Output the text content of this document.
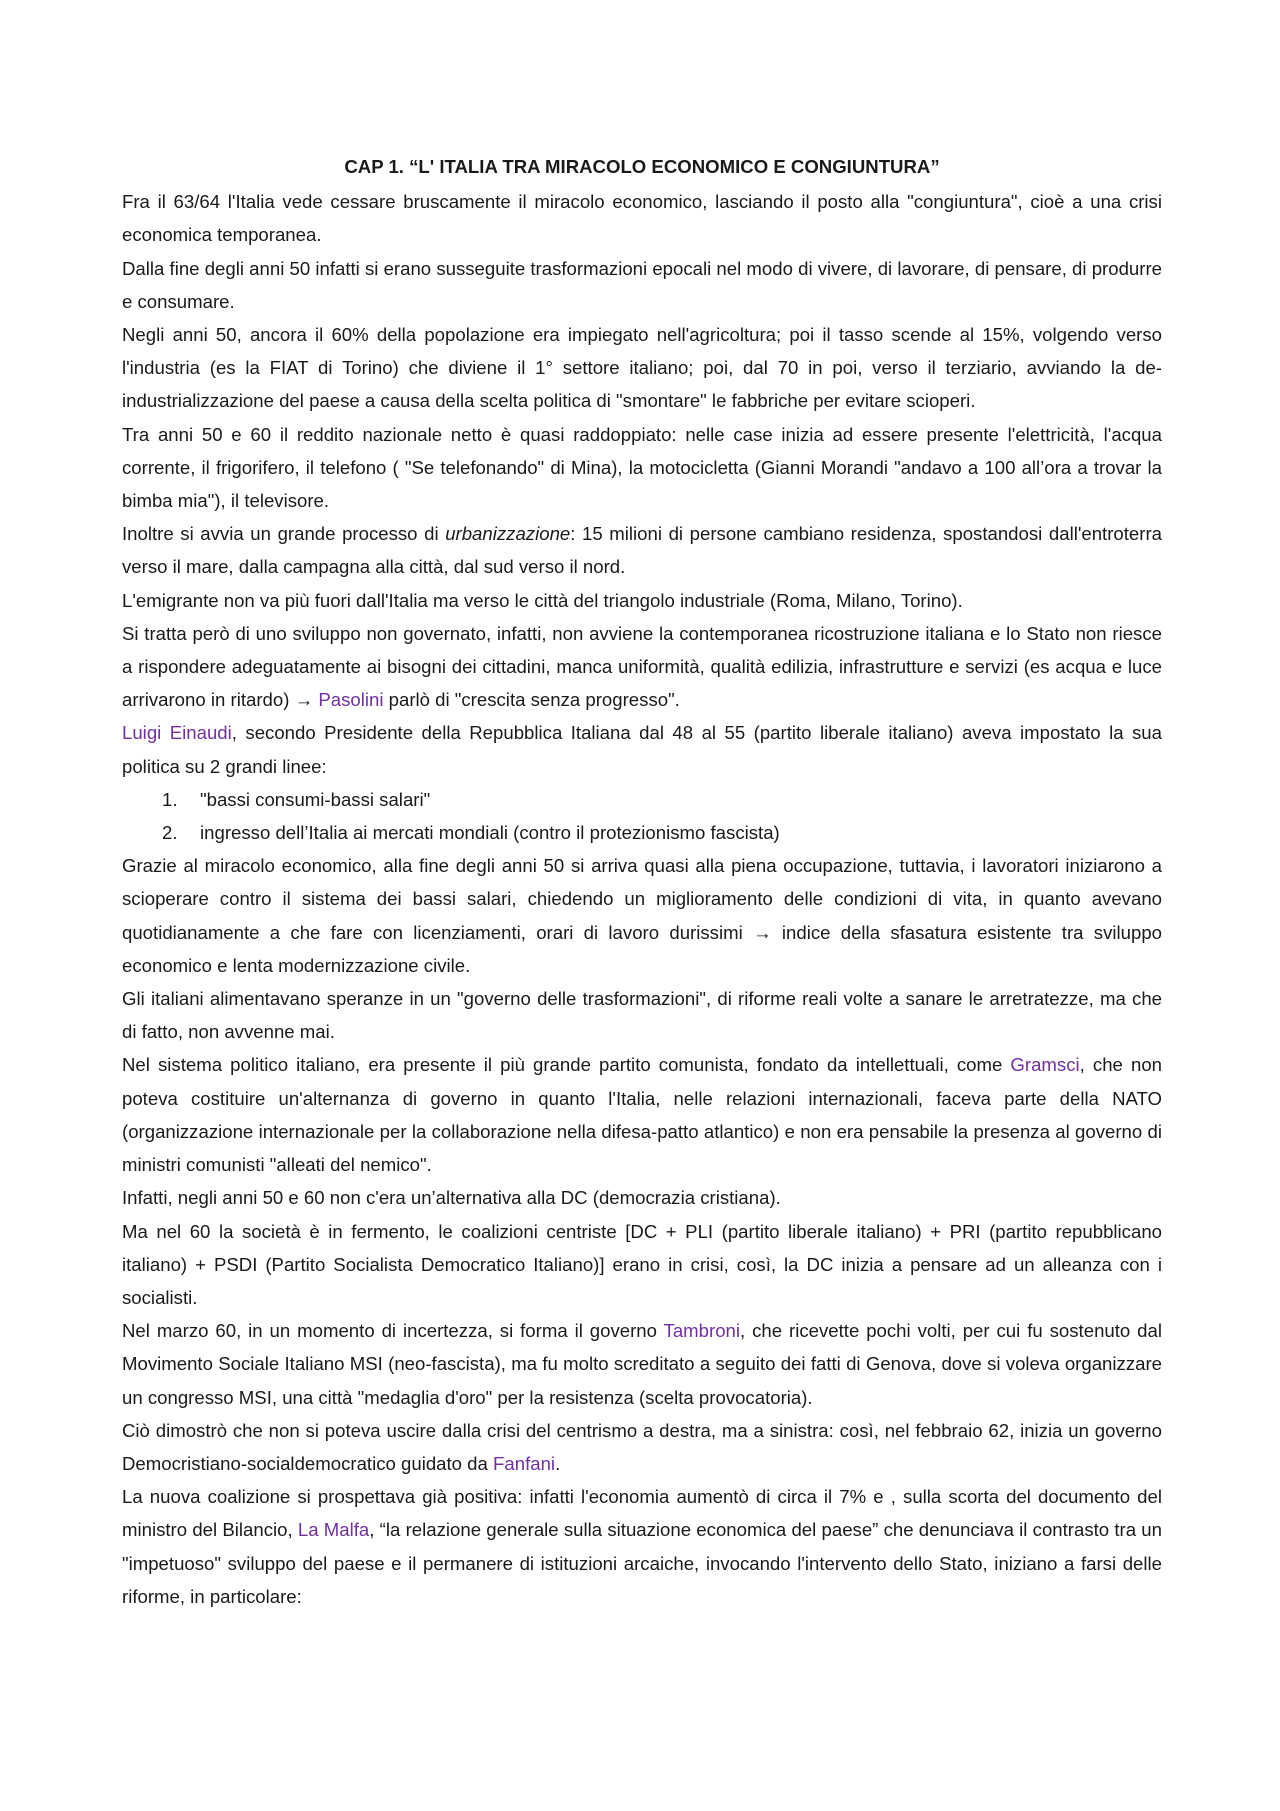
CAP 1. “L' ITALIA TRA MIRACOLO ECONOMICO E CONGIUNTURA”

Fra il 63/64 l'Italia vede cessare bruscamente il miracolo economico, lasciando il posto alla "congiuntura", cioè a una crisi economica temporanea.

Dalla fine degli anni 50 infatti si erano susseguite trasformazioni epocali nel modo di vivere, di lavorare, di pensare, di produrre e consumare.

Negli anni 50, ancora il 60% della popolazione era impiegato nell'agricoltura; poi il tasso scende al 15%, volgendo verso l'industria (es la FIAT di Torino) che diviene il 1° settore italiano; poi, dal 70 in poi, verso il terziario, avviando la de-industrializzazione del paese a causa della scelta politica di "smontare" le fabbriche per evitare scioperi.

Tra anni 50 e 60 il reddito nazionale netto è quasi raddoppiato: nelle case inizia ad essere presente l'elettricità, l'acqua corrente, il frigorifero, il telefono ( "Se telefonando" di Mina), la motocicletta (Gianni Morandi "andavo a 100 all’ora a trovar la bimba mia"), il televisore.

Inoltre si avvia un grande processo di urbanizzazione: 15 milioni di persone cambiano residenza, spostandosi dall'entroterra verso il mare, dalla campagna alla città, dal sud verso il nord.

L'emigrante non va più fuori dall'Italia ma verso le città del triangolo industriale (Roma, Milano, Torino).

Si tratta però di uno sviluppo non governato, infatti, non avviene la contemporanea ricostruzione italiana e lo Stato non riesce a rispondere adeguatamente ai bisogni dei cittadini, manca uniformità, qualità edilizia, infrastrutture e servizi (es acqua e luce arrivarono in ritardo) → Pasolini parlò di "crescita senza progresso".

Luigi Einaudi, secondo Presidente della Repubblica Italiana dal 48 al 55 (partito liberale italiano) aveva impostato la sua politica su 2 grandi linee:

1.	"bassi consumi-bassi salari"
2.	ingresso dell’Italia ai mercati mondiali (contro il protezionismo fascista)

Grazie al miracolo economico, alla fine degli anni 50 si arriva quasi alla piena occupazione, tuttavia, i lavoratori iniziarono a scioperare contro il sistema dei bassi salari, chiedendo un miglioramento delle condizioni di vita, in quanto avevano quotidianamente a che fare con licenziamenti, orari di lavoro durissimi → indice della sfasatura esistente tra sviluppo economico e lenta modernizzazione civile.

Gli italiani alimentavano speranze in un "governo delle trasformazioni", di riforme reali volte a sanare le arretratezze, ma che di fatto, non avvenne mai.

Nel sistema politico italiano, era presente il più grande partito comunista, fondato da intellettuali, come Gramsci, che non poteva costituire un'alternanza di governo in quanto l'Italia, nelle relazioni internazionali, faceva parte della NATO (organizzazione internazionale per la collaborazione nella difesa-patto atlantico) e non era pensabile la presenza al governo di ministri comunisti "alleati del nemico".

Infatti, negli anni 50 e 60 non c'era un’alternativa alla DC (democrazia cristiana).

Ma nel 60 la società è in fermento, le coalizioni centriste [DC + PLI (partito liberale italiano) + PRI (partito repubblicano italiano) + PSDI (Partito Socialista Democratico Italiano)] erano in crisi, così, la DC inizia a pensare ad un alleanza con i socialisti.

Nel marzo 60, in un momento di incertezza, si forma il governo Tambroni, che ricevette pochi volti, per cui fu sostenuto dal Movimento Sociale Italiano MSI (neo-fascista), ma fu molto screditato a seguito dei fatti di Genova, dove si voleva organizzare un congresso MSI, una città "medaglia d'oro" per la resistenza (scelta provocatoria).

Ciò dimostrò che non si poteva uscire dalla crisi del centrismo a destra, ma a sinistra: così, nel febbraio 62, inizia un governo Democristiano-socialdemocratico guidato da Fanfani.

La nuova coalizione si prospettava già positiva: infatti l'economia aumentò di circa il 7% e , sulla scorta del documento del ministro del Bilancio, La Malfa, “la relazione generale sulla situazione economica del paese” che denunciava il contrasto tra un "impetuoso" sviluppo del paese e il permanere di istituzioni arcaiche, invocando l'intervento dello Stato, iniziano a farsi delle riforme, in particolare:
